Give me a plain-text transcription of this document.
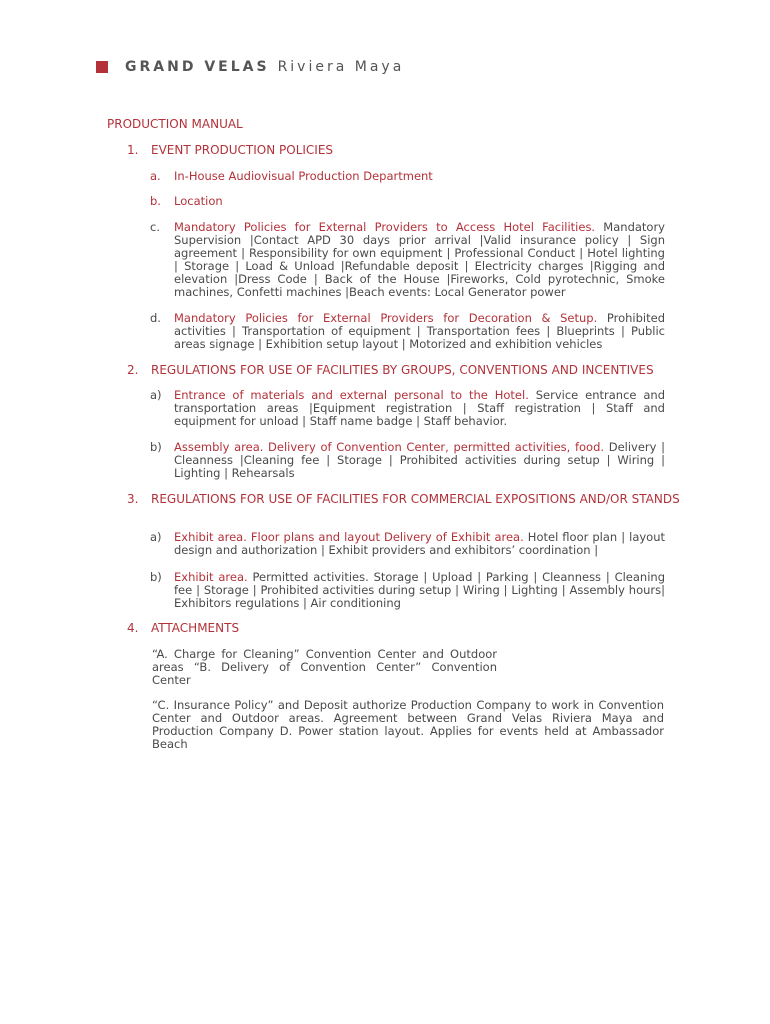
GRAND VELAS Riviera Maya
PRODUCTION MANUAL
1. EVENT PRODUCTION POLICIES
a. In-House Audiovisual Production Department
b. Location
c. Mandatory Policies for External Providers to Access Hotel Facilities. Mandatory Supervision |Contact APD 30 days prior arrival |Valid insurance policy | Sign agreement | Responsibility for own equipment | Professional Conduct | Hotel lighting | Storage | Load & Unload |Refundable deposit | Electricity charges |Rigging and elevation |Dress Code | Back of the House |Fireworks, Cold pyrotechnic, Smoke machines, Confetti machines |Beach events: Local Generator power
d. Mandatory Policies for External Providers for Decoration & Setup. Prohibited activities | Transportation of equipment | Transportation fees | Blueprints | Public areas signage | Exhibition setup layout | Motorized and exhibition vehicles
2. REGULATIONS FOR USE OF FACILITIES BY GROUPS, CONVENTIONS AND INCENTIVES
a) Entrance of materials and external personal to the Hotel. Service entrance and transportation areas |Equipment registration | Staff registration | Staff and equipment for unload | Staff name badge | Staff behavior.
b) Assembly area. Delivery of Convention Center, permitted activities, food. Delivery | Cleanness |Cleaning fee | Storage | Prohibited activities during setup | Wiring | Lighting | Rehearsals
3. REGULATIONS FOR USE OF FACILITIES FOR COMMERCIAL EXPOSITIONS AND/OR STANDS
a) Exhibit area. Floor plans and layout Delivery of Exhibit area. Hotel floor plan | layout design and authorization | Exhibit providers and exhibitors’ coordination |
b) Exhibit area. Permitted activities. Storage | Upload | Parking | Cleanness | Cleaning fee | Storage | Prohibited activities during setup | Wiring | Lighting | Assembly hours| Exhibitors regulations | Air conditioning
4. ATTACHMENTS
“A. Charge for Cleaning” Convention Center and Outdoor areas “B. Delivery of Convention Center” Convention Center
“C. Insurance Policy” and Deposit authorize Production Company to work in Convention Center and Outdoor areas. Agreement between Grand Velas Riviera Maya and Production Company D. Power station layout. Applies for events held at Ambassador Beach
